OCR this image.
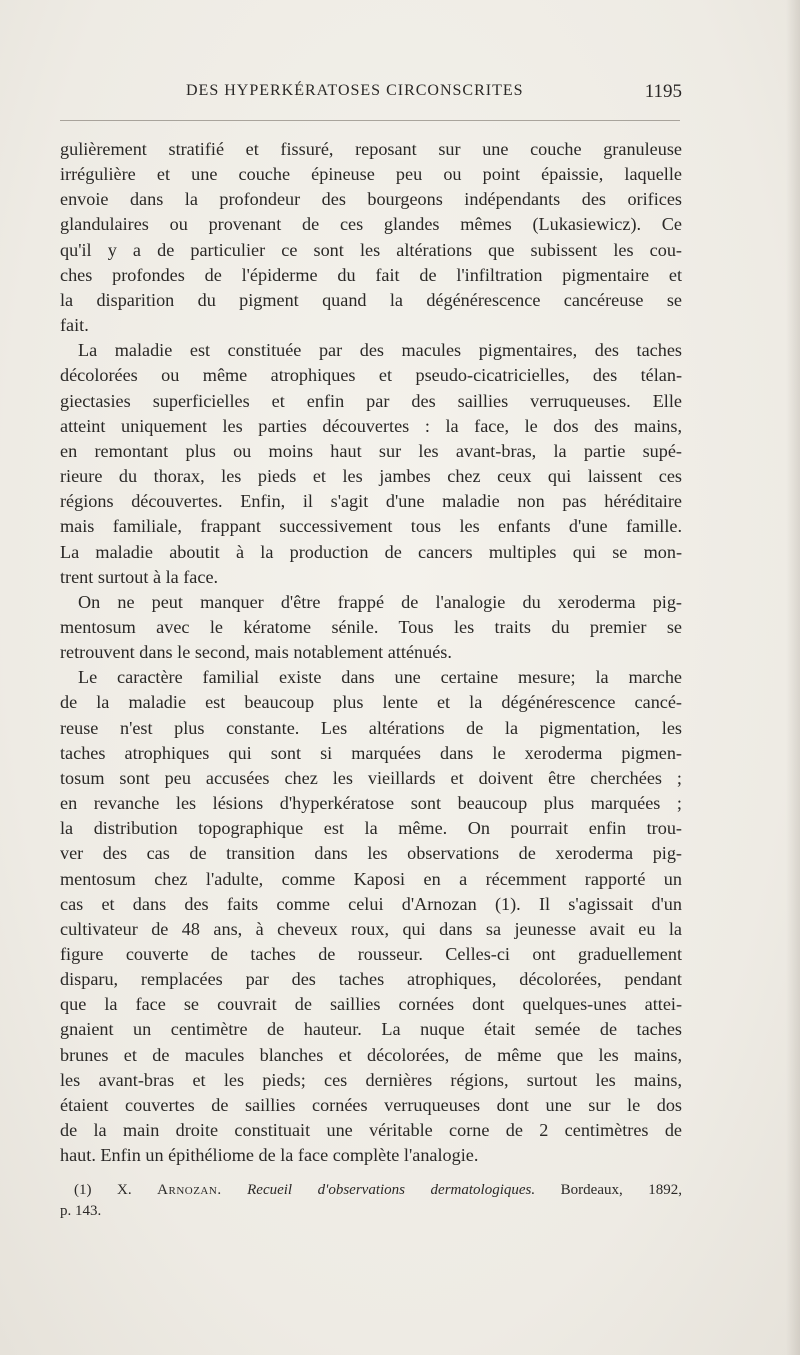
DES HYPERKÉRATOSES CIRCONSCRITES	1195
gulièrement stratifié et fissuré, reposant sur une couche granuleuse
irrégulière et une couche épineuse peu ou point épaissie, laquelle
envoie dans la profondeur des bourgeons indépendants des orifices
glandulaires ou provenant de ces glandes mêmes (Lukasiewicz). Ce
qu'il y a de particulier ce sont les altérations que subissent les cou-
ches profondes de l'épiderme du fait de l'infiltration pigmentaire et
la disparition du pigment quand la dégénérescence cancéreuse se
fait.
La maladie est constituée par des macules pigmentaires, des taches
décolorées ou même atrophiques et pseudo-cicatricielles, des télan-
giectasies superficielles et enfin par des saillies verruqueuses. Elle
atteint uniquement les parties découvertes : la face, le dos des mains,
en remontant plus ou moins haut sur les avant-bras, la partie supé-
rieure du thorax, les pieds et les jambes chez ceux qui laissent ces
régions découvertes. Enfin, il s'agit d'une maladie non pas héréditaire
mais familiale, frappant successivement tous les enfants d'une famille.
La maladie aboutit à la production de cancers multiples qui se mon-
trent surtout à la face.
On ne peut manquer d'être frappé de l'analogie du xeroderma pig-
mentosum avec le kératome sénile. Tous les traits du premier se
retrouvent dans le second, mais notablement atténués.
Le caractère familial existe dans une certaine mesure; la marche
de la maladie est beaucoup plus lente et la dégénérescence cancé-
reuse n'est plus constante. Les altérations de la pigmentation, les
taches atrophiques qui sont si marquées dans le xeroderma pigmen-
tosum sont peu accusées chez les vieillards et doivent être cherchées ;
en revanche les lésions d'hyperkératose sont beaucoup plus marquées ;
la distribution topographique est la même. On pourrait enfin trou-
ver des cas de transition dans les observations de xeroderma pig-
mentosum chez l'adulte, comme Kaposi en a récemment rapporté un
cas et dans des faits comme celui d'Arnozan (1). Il s'agissait d'un
cultivateur de 48 ans, à cheveux roux, qui dans sa jeunesse avait eu la
figure couverte de taches de rousseur. Celles-ci ont graduellement
disparu, remplacées par des taches atrophiques, décolorées, pendant
que la face se couvrait de saillies cornées dont quelques-unes attei-
gnaient un centimètre de hauteur. La nuque était semée de taches
brunes et de macules blanches et décolorées, de même que les mains,
les avant-bras et les pieds; ces dernières régions, surtout les mains,
étaient couvertes de saillies cornées verruqueuses dont une sur le dos
de la main droite constituait une véritable corne de 2 centimètres de
haut. Enfin un épithéliome de la face complète l'analogie.
(1) X. Arnozan. Recueil d'observations dermatologiques. Bordeaux, 1892,
p. 143.
